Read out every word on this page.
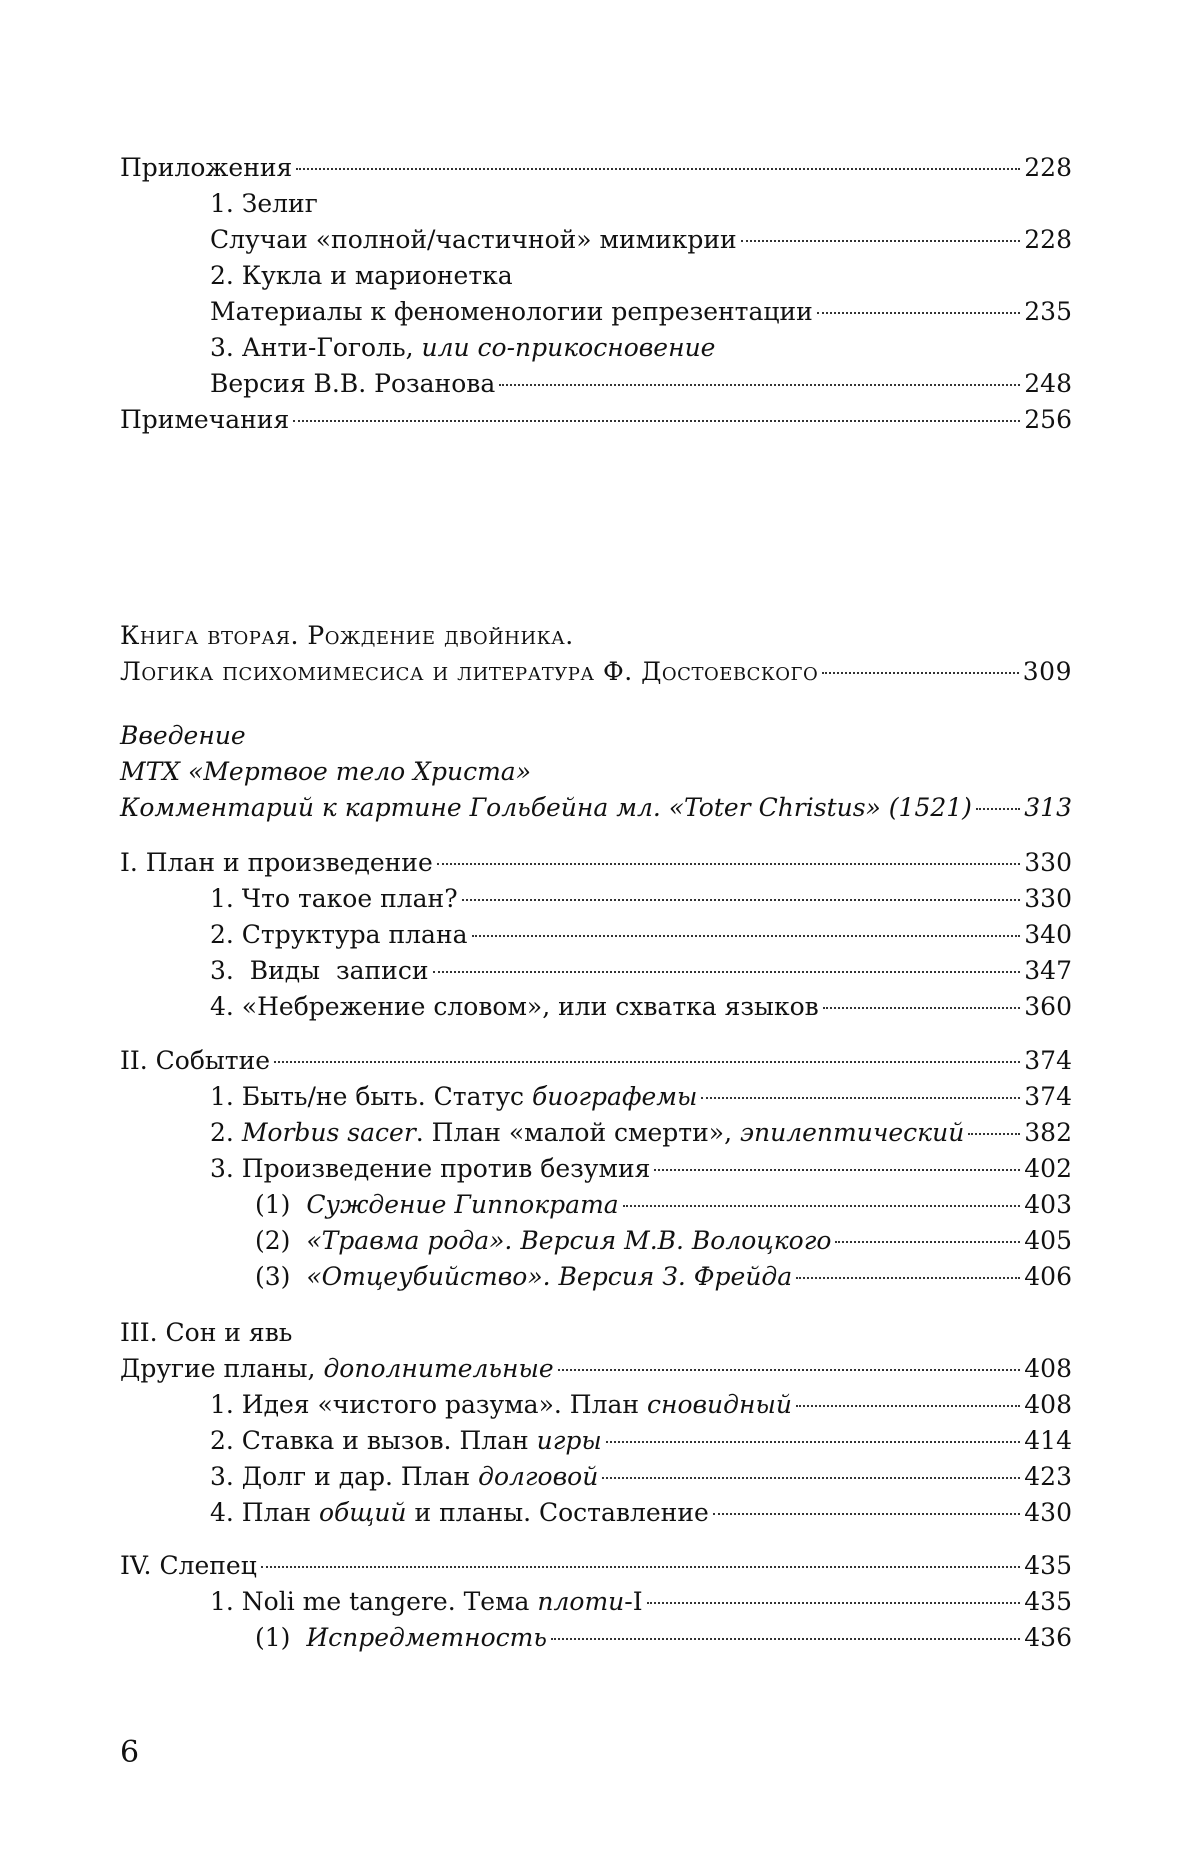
Приложения	228
1. Зелиг
Случаи «полной/частичной» мимикрии	228
2. Кукла и марионетка
Материалы к феноменологии репрезентации	235
3. Анти-Гоголь, или со-прикосновение
Версия В.В. Розанова	248
Примечания	256
Книга вторая. Рождение двойника.
Логика психомимесиса и литература Ф. Достоевского	309
Введение
МТХ «Мертвое тело Христа»
Комментарий к картине Гольбейна мл. «Toter Christus» (1521) 313
I. План и произведение	330
1. Что такое план?	330
2. Структура плана	340
3.  Виды  записи	347
4. «Небрежение словом», или схватка языков	360
II. Событие	374
1. Быть/не быть. Статус биографемы	374
2. Morbus sacer. План «малой смерти», эпилептический 382
3. Произведение против безумия	402
(1) Суждение Гиппократа	403
(2) «Травма рода». Версия М.В. Волоцкого	405
(3) «Отцеубийство». Версия З. Фрейда	406
III. Сон и явь
Другие планы, дополнительные	408
1. Идея «чистого разума». План сновидный	408
2. Ставка и вызов. План игры	414
3. Долг и дар. План долговой	423
4. План общий и планы. Составление	430
IV. Слепец	435
1. Noli me tangere. Тема плоти-I	435
(1) Испредметность	436
6
